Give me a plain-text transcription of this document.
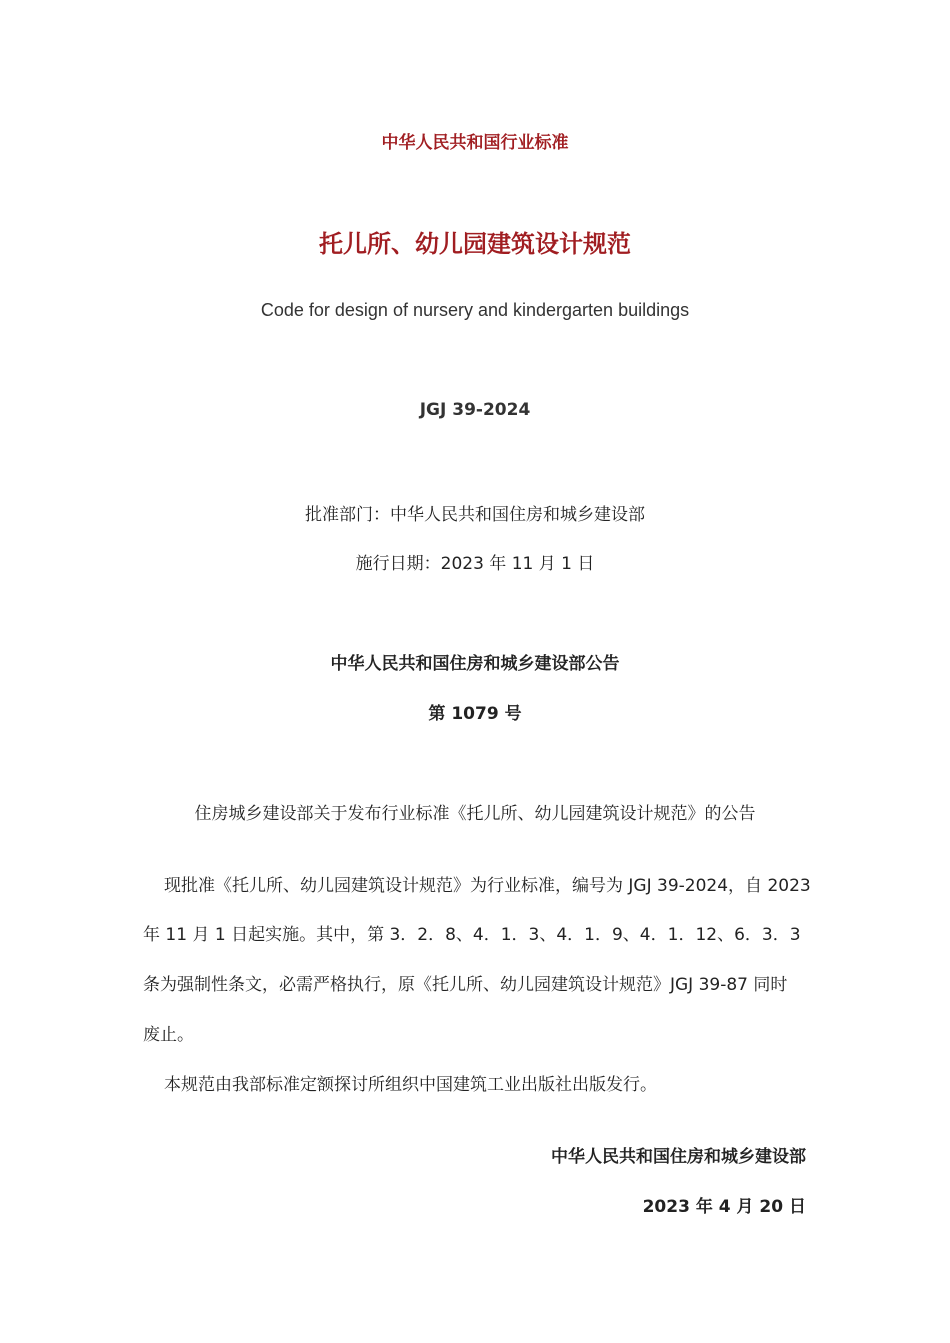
中华人民共和国行业标准
托儿所、幼儿园建筑设计规范
Code for design of nursery and kindergarten buildings
JGJ 39-2024
批准部门：中华人民共和国住房和城乡建设部
施行日期：2023 年 11 月 1 日
中华人民共和国住房和城乡建设部公告
第 1079 号
住房城乡建设部关于发布行业标准《托儿所、幼儿园建筑设计规范》的公告
现批准《托儿所、幼儿园建筑设计规范》为行业标准，编号为 JGJ 39-2024，自 2023
年 11 月 1 日起实施。其中，第 3．2．8、4．1．3、4．1．9、4．1．12、6．3．3
条为强制性条文，必需严格执行，原《托儿所、幼儿园建筑设计规范》JGJ 39-87 同时
废止。
本规范由我部标准定额探讨所组织中国建筑工业出版社出版发行。
中华人民共和国住房和城乡建设部
2023 年 4 月 20 日
